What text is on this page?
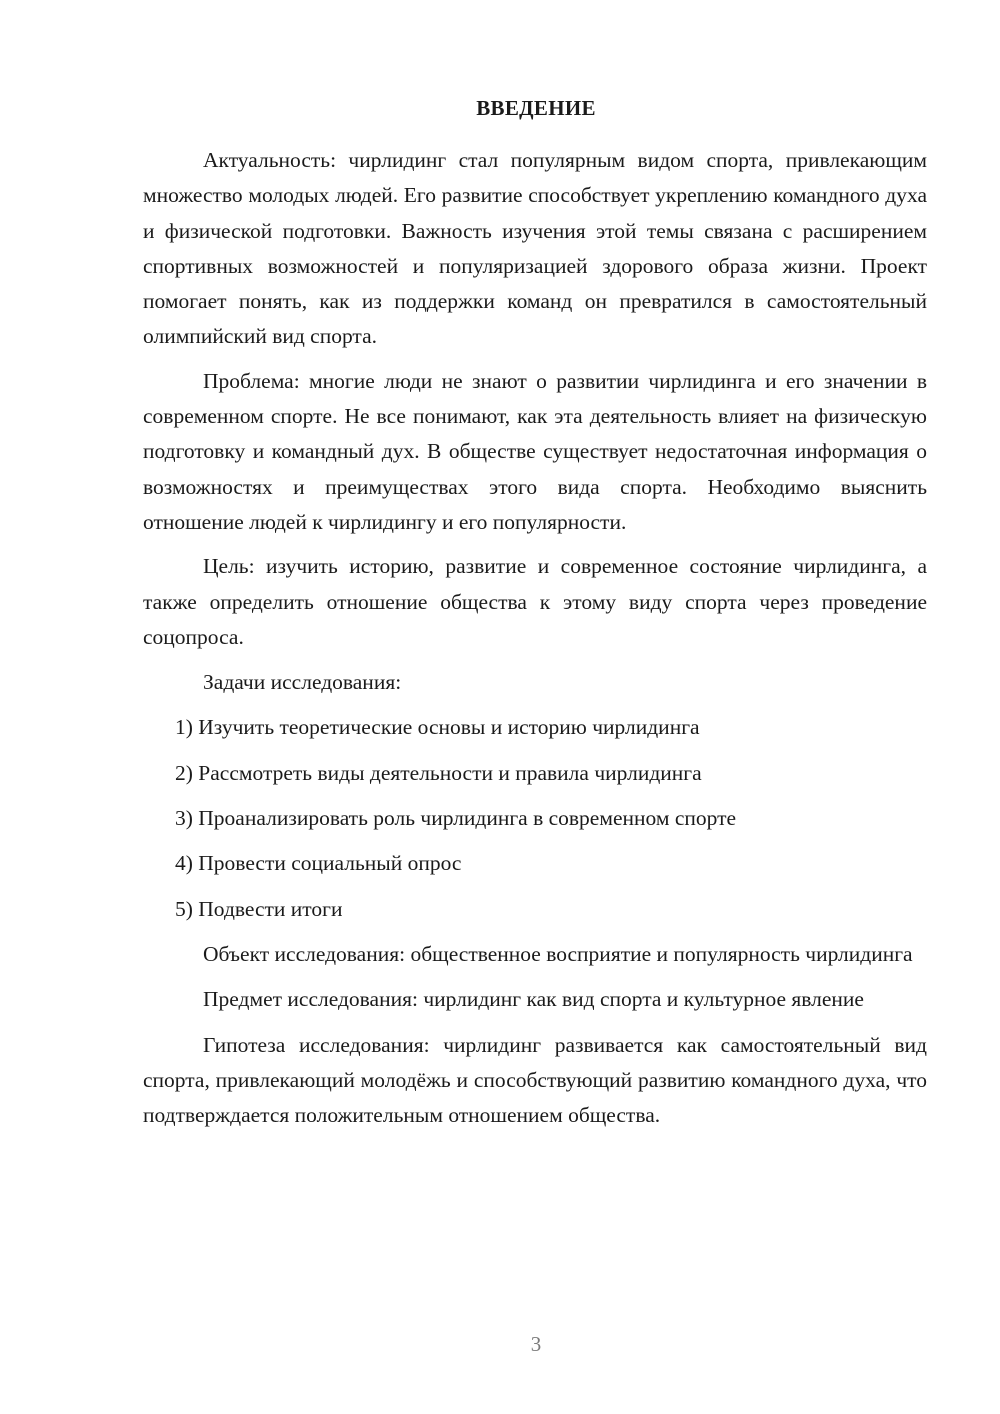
ВВЕДЕНИЕ

Актуальность: чирлидинг стал популярным видом спорта, привлекающим множество молодых людей. Его развитие способствует укреплению командного духа и физической подготовки. Важность изучения этой темы связана с расширением спортивных возможностей и популяризацией здорового образа жизни. Проект помогает понять, как из поддержки команд он превратился в самостоятельный олимпийский вид спорта.

Проблема: многие люди не знают о развитии чирлидинга и его значении в современном спорте. Не все понимают, как эта деятельность влияет на физическую подготовку и командный дух. В обществе существует недостаточная информация о возможностях и преимуществах этого вида спорта. Необходимо выяснить отношение людей к чирлидингу и его популярности.

Цель: изучить историю, развитие и современное состояние чирлидинга, а также определить отношение общества к этому виду спорта через проведение соцопроса.

Задачи исследования:

1) Изучить теоретические основы и историю чирлидинга
2) Рассмотреть виды деятельности и правила чирлидинга
3) Проанализировать роль чирлидинга в современном спорте
4) Провести социальный опрос
5) Подвести итоги

Объект исследования: общественное восприятие и популярность чирлидинга

Предмет исследования: чирлидинг как вид спорта и культурное явление

Гипотеза исследования: чирлидинг развивается как самостоятельный вид спорта, привлекающий молодёжь и способствующий развитию командного духа, что подтверждается положительным отношением общества.

3
